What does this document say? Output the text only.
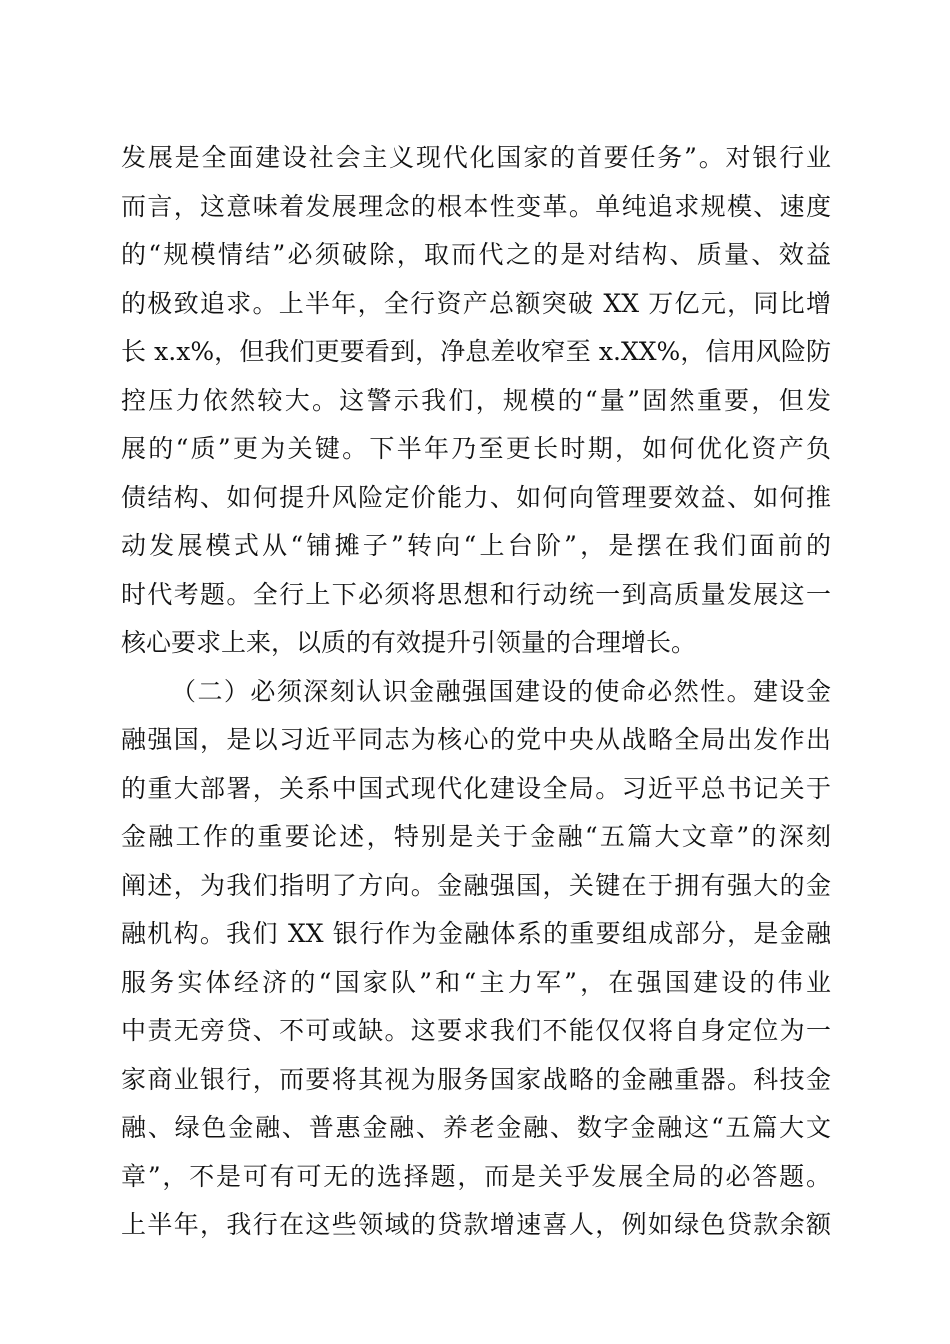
发展是全面建设社会主义现代化国家的首要任务”。对银行业
而言，这意味着发展理念的根本性变革。单纯追求规模、速度
的“规模情结”必须破除，取而代之的是对结构、质量、效益
的极致追求。上半年，全行资产总额突破 XX 万亿元，同比增
长 x.x%，但我们更要看到，净息差收窄至 x.XX%，信用风险防
控压力依然较大。这警示我们，规模的“量”固然重要，但发
展的“质”更为关键。下半年乃至更长时期，如何优化资产负
债结构、如何提升风险定价能力、如何向管理要效益、如何推
动发展模式从“铺摊子”转向“上台阶”，是摆在我们面前的
时代考题。全行上下必须将思想和行动统一到高质量发展这一
核心要求上来，以质的有效提升引领量的合理增长。
（二）必须深刻认识金融强国建设的使命必然性。建设金
融强国，是以习近平同志为核心的党中央从战略全局出发作出
的重大部署，关系中国式现代化建设全局。习近平总书记关于
金融工作的重要论述，特别是关于金融“五篇大文章”的深刻
阐述，为我们指明了方向。金融强国，关键在于拥有强大的金
融机构。我们 XX 银行作为金融体系的重要组成部分，是金融
服务实体经济的“国家队”和“主力军”，在强国建设的伟业
中责无旁贷、不可或缺。这要求我们不能仅仅将自身定位为一
家商业银行，而要将其视为服务国家战略的金融重器。科技金
融、绿色金融、普惠金融、养老金融、数字金融这“五篇大文
章”，不是可有可无的选择题，而是关乎发展全局的必答题。
上半年，我行在这些领域的贷款增速喜人，例如绿色贷款余额
